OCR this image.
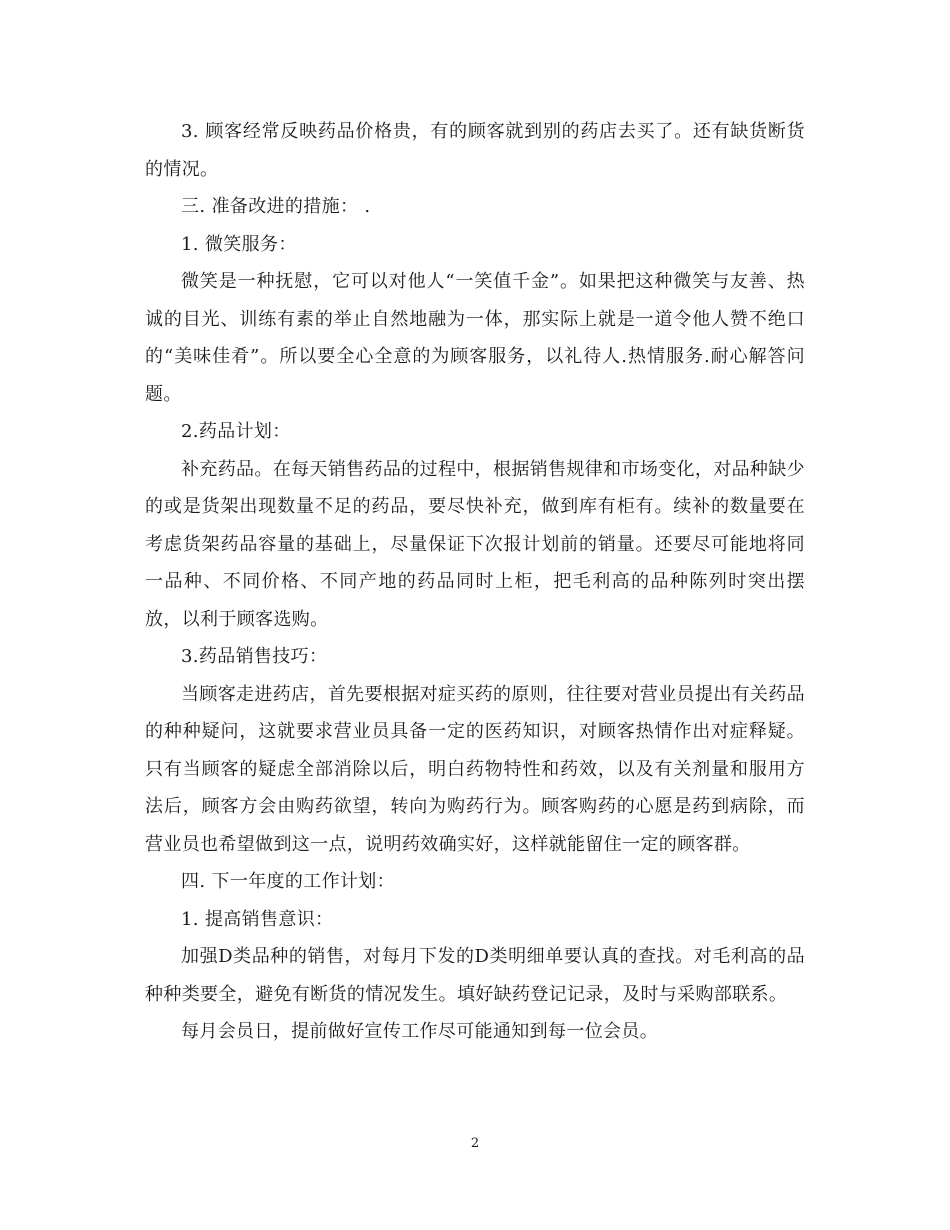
3. 顾客经常反映药品价格贵，有的顾客就到别的药店去买了。还有缺货断货的情况。

三. 准备改进的措施： .

1. 微笑服务：

微笑是一种抚慰，它可以对他人“一笑值千金”。如果把这种微笑与友善、热诚的目光、训练有素的举止自然地融为一体，那实际上就是一道令他人赞不绝口的“美味佳肴”。所以要全心全意的为顾客服务，以礼待人.热情服务.耐心解答问题。

2.药品计划：

补充药品。在每天销售药品的过程中，根据销售规律和市场变化，对品种缺少的或是货架出现数量不足的药品，要尽快补充，做到库有柜有。续补的数量要在考虑货架药品容量的基础上，尽量保证下次报计划前的销量。还要尽可能地将同一品种、不同价格、不同产地的药品同时上柜，把毛利高的品种陈列时突出摆放，以利于顾客选购。

3.药品销售技巧：

当顾客走进药店，首先要根据对症买药的原则，往往要对营业员提出有关药品的种种疑问，这就要求营业员具备一定的医药知识，对顾客热情作出对症释疑。只有当顾客的疑虑全部消除以后，明白药物特性和药效，以及有关剂量和服用方法后，顾客方会由购药欲望，转向为购药行为。顾客购药的心愿是药到病除，而营业员也希望做到这一点，说明药效确实好，这样就能留住一定的顾客群。

四. 下一年度的工作计划：

1. 提高销售意识：

加强D类品种的销售，对每月下发的D类明细单要认真的查找。对毛利高的品种种类要全，避免有断货的情况发生。填好缺药登记记录，及时与采购部联系。

每月会员日，提前做好宣传工作尽可能通知到每一位会员。

2
